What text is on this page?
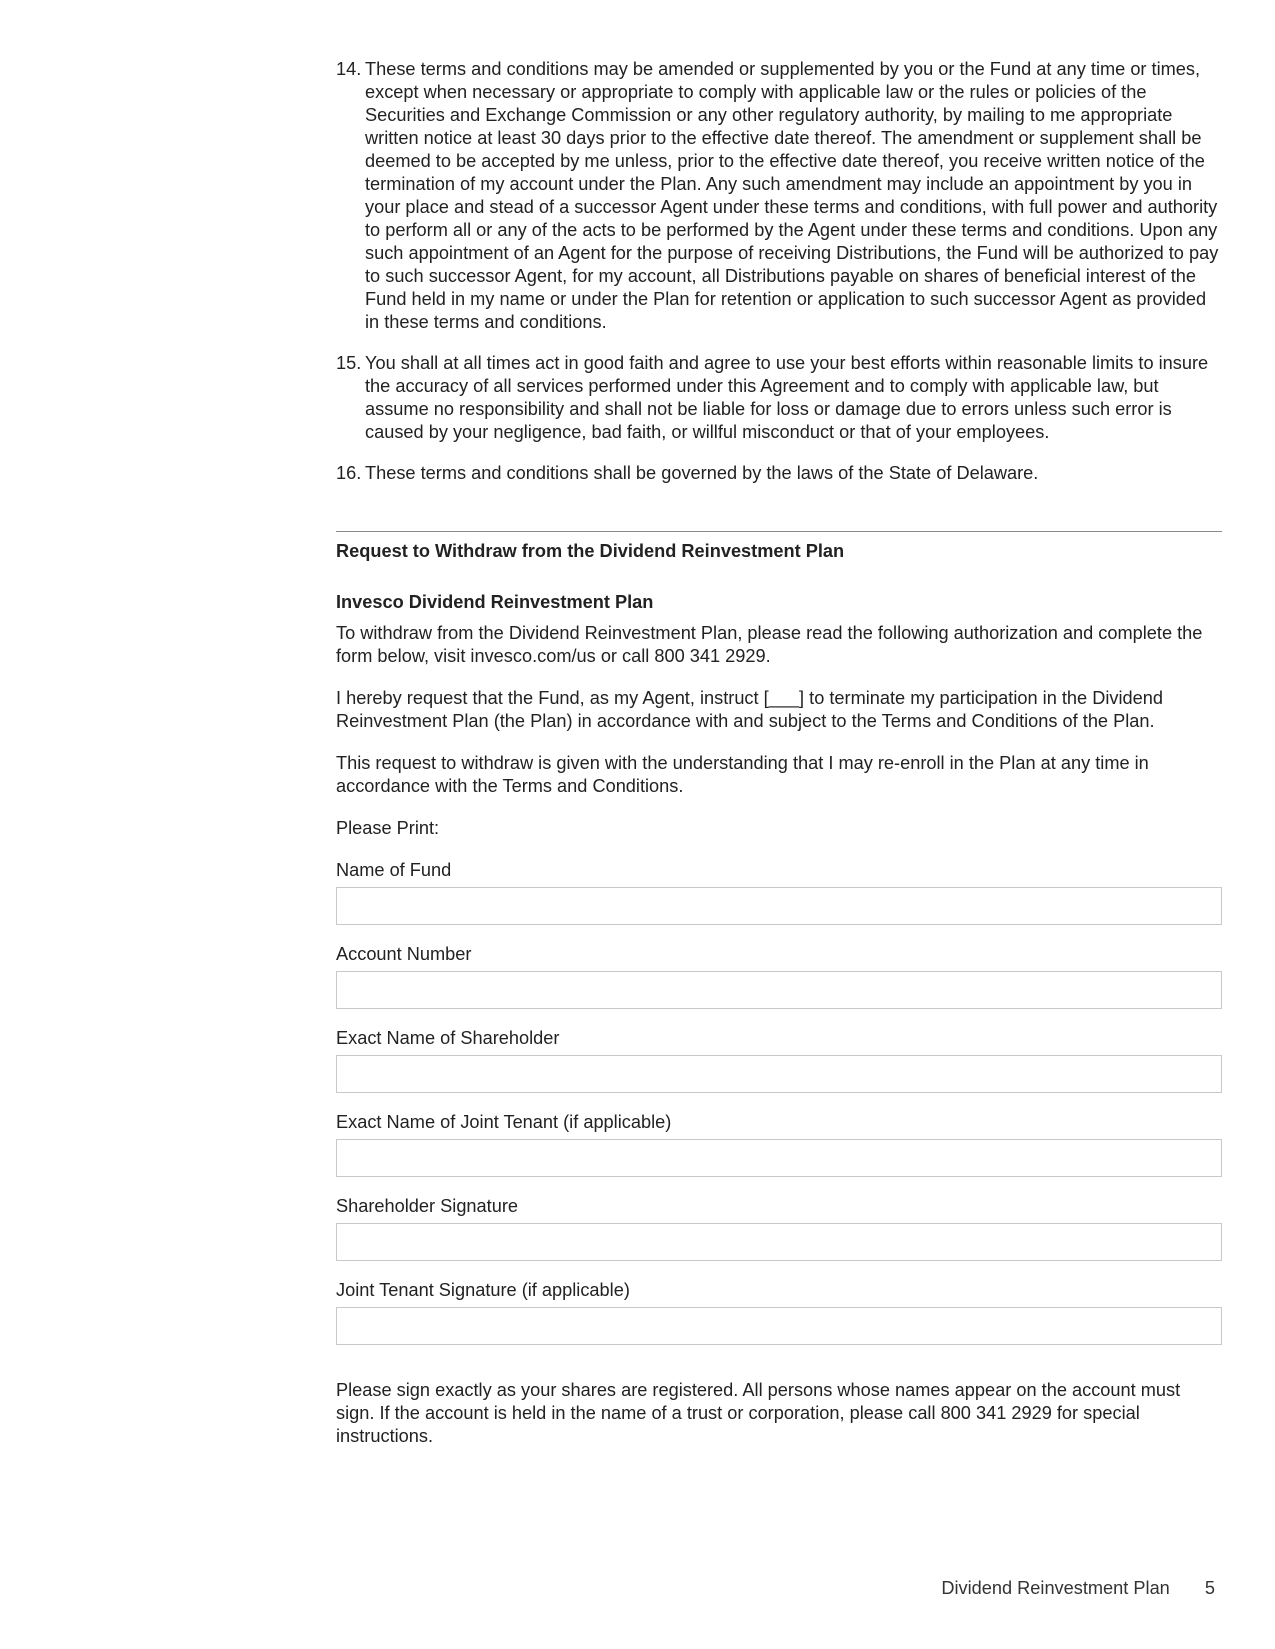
14. These terms and conditions may be amended or supplemented by you or the Fund at any time or times, except when necessary or appropriate to comply with applicable law or the rules or policies of the Securities and Exchange Commission or any other regulatory authority, by mailing to me appropriate written notice at least 30 days prior to the effective date thereof. The amendment or supplement shall be deemed to be accepted by me unless, prior to the effective date thereof, you receive written notice of the termination of my account under the Plan. Any such amendment may include an appointment by you in your place and stead of a successor Agent under these terms and conditions, with full power and authority to perform all or any of the acts to be performed by the Agent under these terms and conditions. Upon any such appointment of an Agent for the purpose of receiving Distributions, the Fund will be authorized to pay to such successor Agent, for my account, all Distributions payable on shares of beneficial interest of the Fund held in my name or under the Plan for retention or application to such successor Agent as provided in these terms and conditions.
15. You shall at all times act in good faith and agree to use your best efforts within reasonable limits to insure the accuracy of all services performed under this Agreement and to comply with applicable law, but assume no responsibility and shall not be liable for loss or damage due to errors unless such error is caused by your negligence, bad faith, or willful misconduct or that of your employees.
16. These terms and conditions shall be governed by the laws of the State of Delaware.
Request to Withdraw from the Dividend Reinvestment Plan
Invesco Dividend Reinvestment Plan

To withdraw from the Dividend Reinvestment Plan, please read the following authorization and complete the form below, visit invesco.com/us or call 800 341 2929.

I hereby request that the Fund, as my Agent, instruct [___] to terminate my participation in the Dividend Reinvestment Plan (the Plan) in accordance with and subject to the Terms and Conditions of the Plan.

This request to withdraw is given with the understanding that I may re-enroll in the Plan at any time in accordance with the Terms and Conditions.

Please Print:
Name of Fund
Account Number
Exact Name of Shareholder
Exact Name of Joint Tenant (if applicable)
Shareholder Signature
Joint Tenant Signature (if applicable)

Please sign exactly as your shares are registered. All persons whose names appear on the account must sign. If the account is held in the name of a trust or corporation, please call 800 341 2929 for special instructions.

Dividend Reinvestment Plan 5
